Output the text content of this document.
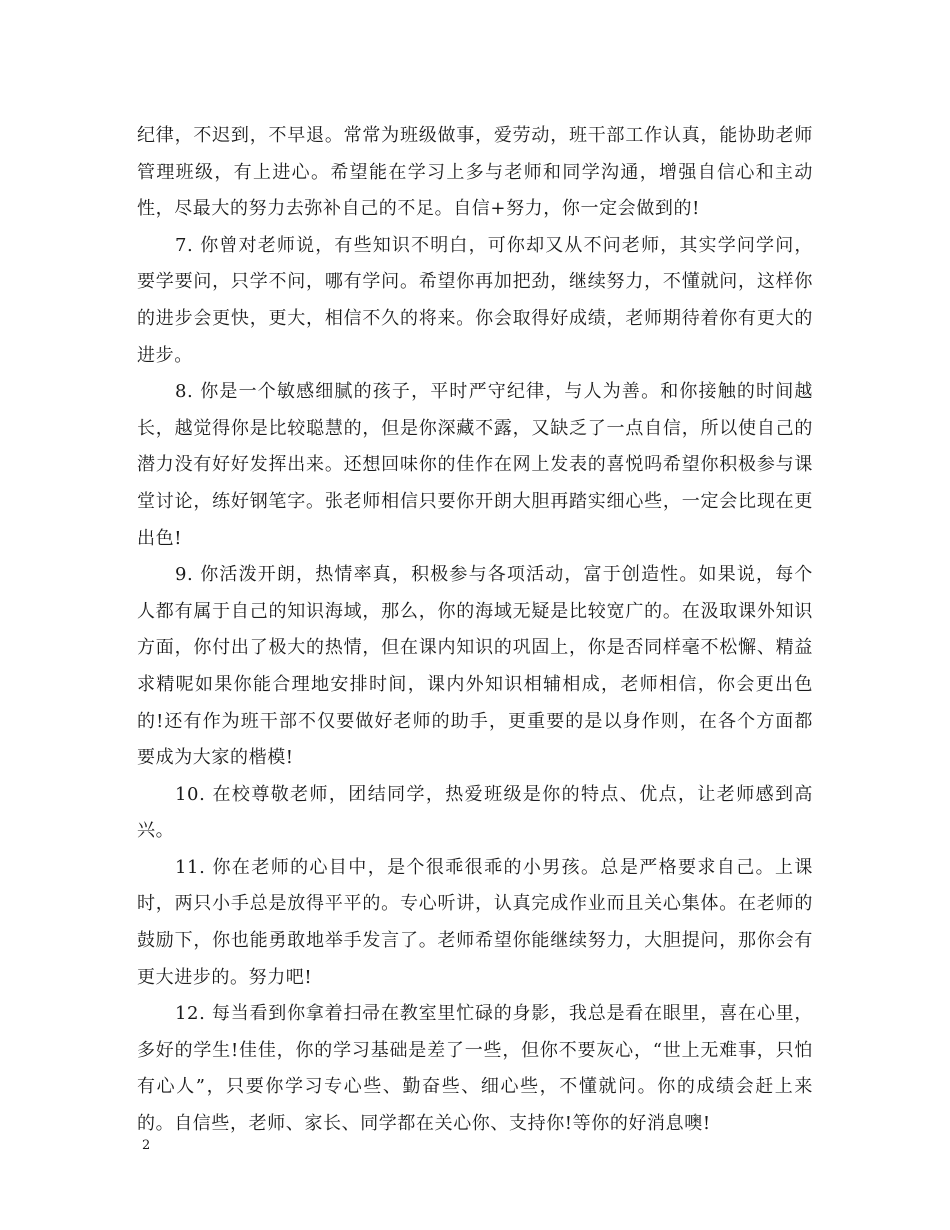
纪律，不迟到，不早退。常常为班级做事，爱劳动，班干部工作认真，能协助老师管理班级，有上进心。希望能在学习上多与老师和同学沟通，增强自信心和主动性，尽最大的努力去弥补自己的不足。自信+努力，你一定会做到的!

7. 你曾对老师说，有些知识不明白，可你却又从不问老师，其实学问学问，要学要问，只学不问，哪有学问。希望你再加把劲，继续努力，不懂就问，这样你的进步会更快，更大，相信不久的将来。你会取得好成绩，老师期待着你有更大的进步。

8. 你是一个敏感细腻的孩子，平时严守纪律，与人为善。和你接触的时间越长，越觉得你是比较聪慧的，但是你深藏不露，又缺乏了一点自信，所以使自己的潜力没有好好发挥出来。还想回味你的佳作在网上发表的喜悦吗希望你积极参与课堂讨论，练好钢笔字。张老师相信只要你开朗大胆再踏实细心些，一定会比现在更出色!

9. 你活泼开朗，热情率真，积极参与各项活动，富于创造性。如果说，每个人都有属于自己的知识海域，那么，你的海域无疑是比较宽广的。在汲取课外知识方面，你付出了极大的热情，但在课内知识的巩固上，你是否同样毫不松懈、精益求精呢如果你能合理地安排时间，课内外知识相辅相成，老师相信，你会更出色的!还有作为班干部不仅要做好老师的助手，更重要的是以身作则，在各个方面都要成为大家的楷模!

10. 在校尊敬老师，团结同学，热爱班级是你的特点、优点，让老师感到高兴。

11. 你在老师的心目中，是个很乖很乖的小男孩。总是严格要求自己。上课时，两只小手总是放得平平的。专心听讲，认真完成作业而且关心集体。在老师的鼓励下，你也能勇敢地举手发言了。老师希望你能继续努力，大胆提问，那你会有更大进步的。努力吧!

12. 每当看到你拿着扫帚在教室里忙碌的身影，我总是看在眼里，喜在心里，多好的学生!佳佳，你的学习基础是差了一些，但你不要灰心，“世上无难事，只怕有心人”，只要你学习专心些、勤奋些、细心些，不懂就问。你的成绩会赶上来的。自信些，老师、家长、同学都在关心你、支持你!等你的好消息噢!

2
